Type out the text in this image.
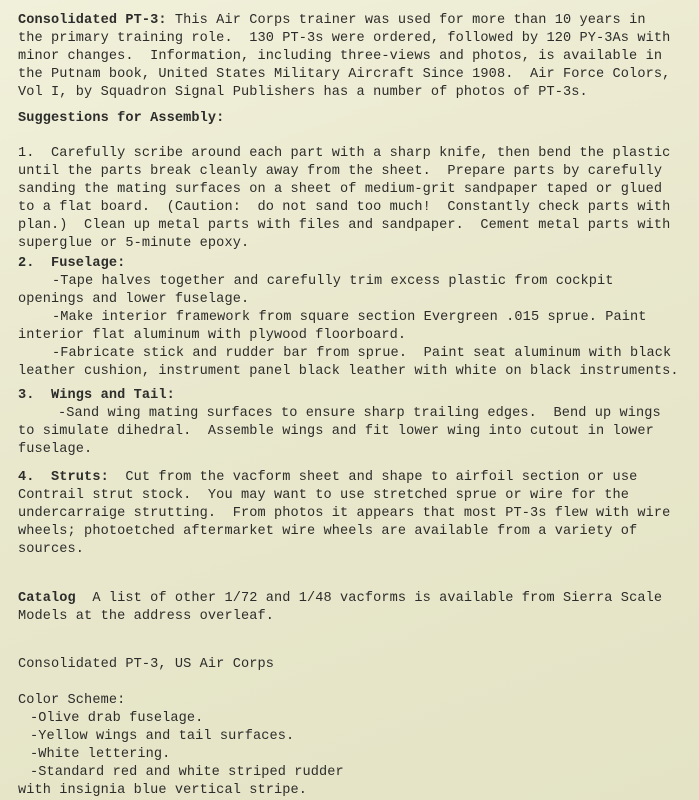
Consolidated PT-3: This Air Corps trainer was used for more than 10 years in
the primary training role.  130 PT-3s were ordered, followed by 120 PY-3As with
minor changes.  Information, including three-views and photos, is available in
the Putnam book, United States Military Aircraft Since 1908.  Air Force Colors,
Vol I, by Squadron Signal Publishers has a number of photos of PT-3s.
Suggestions for Assembly:
1.  Carefully scribe around each part with a sharp knife, then bend the plastic
until the parts break cleanly away from the sheet.  Prepare parts by carefully
sanding the mating surfaces on a sheet of medium-grit sandpaper taped or glued
to a flat board.  (Caution:  do not sand too much!  Constantly check parts with
plan.)  Clean up metal parts with files and sandpaper.  Cement metal parts with
superglue or 5-minute epoxy.
2.  Fuselage:
-Tape halves together and carefully trim excess plastic from cockpit
openings and lower fuselage.
-Make interior framework from square section Evergreen .015 sprue. Paint
interior flat aluminum with plywood floorboard.
-Fabricate stick and rudder bar from sprue.  Paint seat aluminum with black
leather cushion, instrument panel black leather with white on black instruments.
3.  Wings and Tail:
-Sand wing mating surfaces to ensure sharp trailing edges.  Bend up wings
to simulate dihedral.  Assemble wings and fit lower wing into cutout in lower
fuselage.
4.  Struts:  Cut from the vacform sheet and shape to airfoil section or use
Contrail strut stock.  You may want to use stretched sprue or wire for the
undercarraige strutting.  From photos it appears that most PT-3s flew with wire
wheels; photoetched aftermarket wire wheels are available from a variety of
sources.
Catalog  A list of other 1/72 and 1/48 vacforms is available from Sierra Scale
Models at the address overleaf.
Consolidated PT-3, US Air Corps
Color Scheme:
-Olive drab fuselage.
-Yellow wings and tail surfaces.
-White lettering.
-Standard red and white striped rudder
with insignia blue vertical stripe.
